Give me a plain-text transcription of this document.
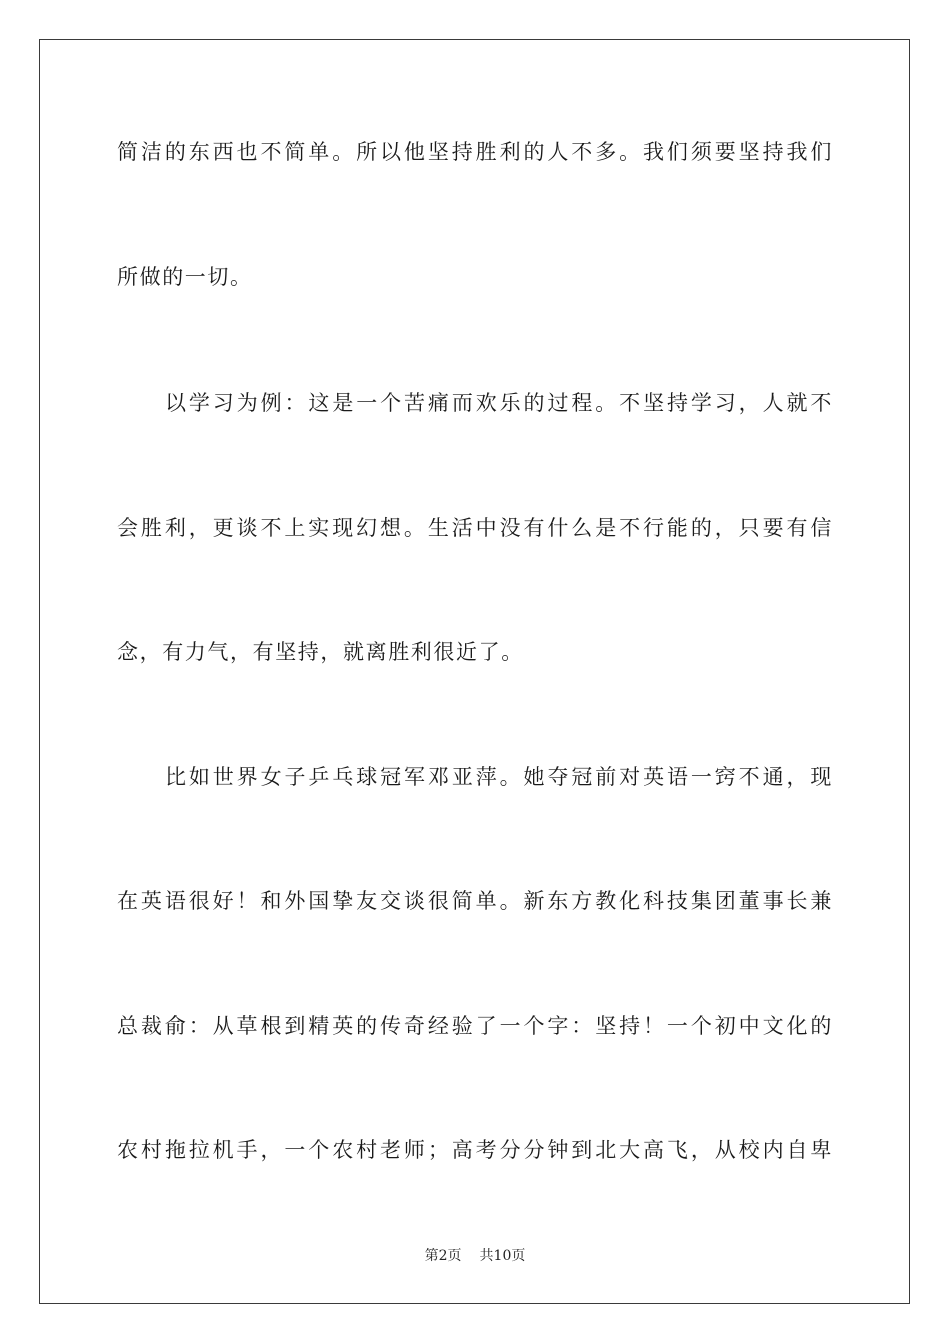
简洁的东西也不简单。所以他坚持胜利的人不多。我们须要坚持我们
所做的一切。
以学习为例：这是一个苦痛而欢乐的过程。不坚持学习，人就不
会胜利，更谈不上实现幻想。生活中没有什么是不行能的，只要有信
念，有力气，有坚持，就离胜利很近了。
比如世界女子乒乓球冠军邓亚萍。她夺冠前对英语一窍不通，现
在英语很好！和外国挚友交谈很简单。新东方教化科技集团董事长兼
总裁俞：从草根到精英的传奇经验了一个字：坚持！一个初中文化的
农村拖拉机手，一个农村老师；高考分分钟到北大高飞，从校内自卑
第2页 共10页
